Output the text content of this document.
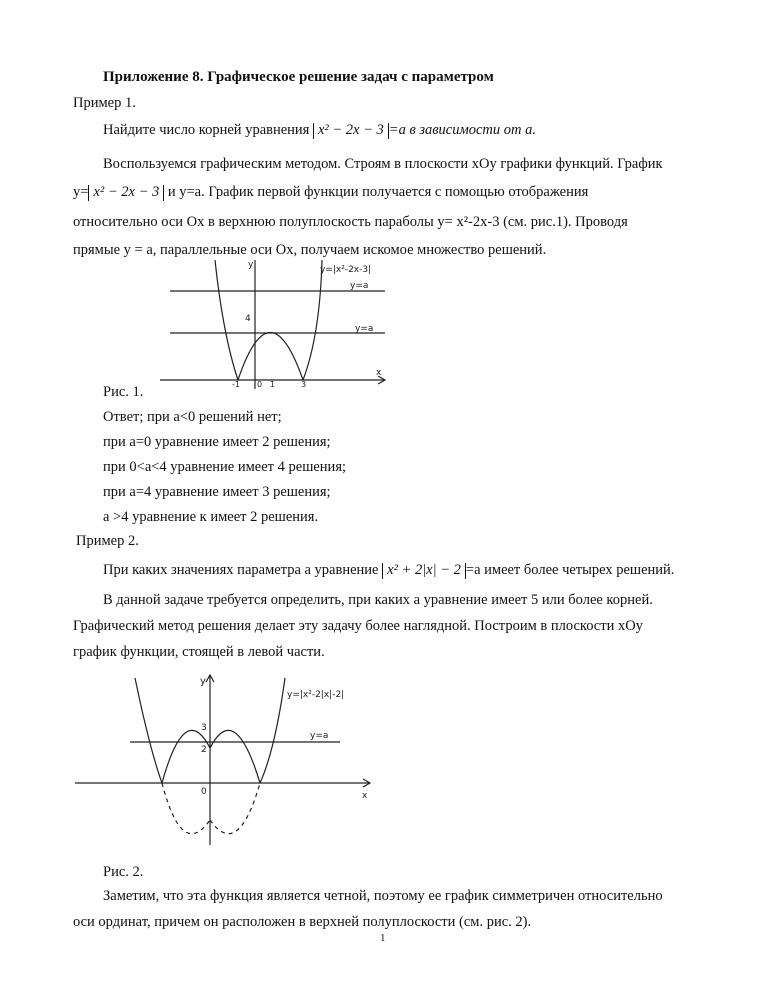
Приложение 8. Графическое решение задач с параметром
Пример 1.
Найдите число корней уравнения x² − 2x − 3 =a в зависимости от a.
Воспользуемся графическим методом. Строям в плоскости xOy графики функций. График
y= x² − 2x − 3 и y=a. График первой функции получается с помощью отображения
относительно оси Ox в верхнюю полуплоскость параболы y= x²-2x-3 (см. рис.1). Проводя
прямые y = a, параллельные оси Ox, получаем искомое множество решений.
y=|x²-2x-3|
y=a
y=a
4
-1 0 1	3
x
y
Рис. 1.
Ответ; при a<0 решений нет;
при a=0 уравнение имеет 2 решения;
при 0<a<4 уравнение имеет 4 решения;
при a=4 уравнение имеет 3 решения;
a >4 уравнение к имеет 2 решения.
Пример 2.
При каких значениях параметра a уравнение x² + 2|x| − 2 =a имеет более четырех решений.
В данной задаче требуется определить, при каких a уравнение имеет 5 или более корней.
Графический метод решения делает эту задачу более наглядной. Построим в плоскости xOy
график функции, стоящей в левой части.
y=|x²-2|x|-2|
y=a
y
x
3
2
0
Рис. 2.
Заметим, что эта функция является четной, поэтому ее график симметричен относительно
оси ординат, причем он расположен в верхней полуплоскости (см. рис. 2).
1
